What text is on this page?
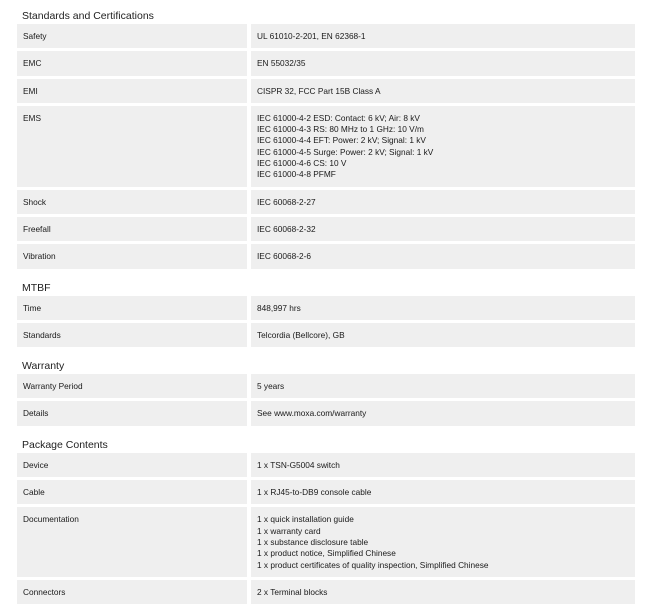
Standards and Certifications
Safety	UL 61010-2-201, EN 62368-1
EMC	EN 55032/35
EMI	CISPR 32, FCC Part 15B Class A
EMS	IEC 61000-4-2 ESD: Contact: 6 kV; Air: 8 kV
IEC 61000-4-3 RS: 80 MHz to 1 GHz: 10 V/m
IEC 61000-4-4 EFT: Power: 2 kV; Signal: 1 kV
IEC 61000-4-5 Surge: Power: 2 kV; Signal: 1 kV
IEC 61000-4-6 CS: 10 V
IEC 61000-4-8 PFMF
Shock	IEC 60068-2-27
Freefall	IEC 60068-2-32
Vibration	IEC 60068-2-6
MTBF
Time	848,997 hrs
Standards	Telcordia (Bellcore), GB
Warranty
Warranty Period	5 years
Details	See www.moxa.com/warranty
Package Contents
Device	1 x TSN-G5004 switch
Cable	1 x RJ45-to-DB9 console cable
Documentation	1 x quick installation guide
1 x warranty card
1 x substance disclosure table
1 x product notice, Simplified Chinese
1 x product certificates of quality inspection, Simplified Chinese
Connectors	2 x Terminal blocks
